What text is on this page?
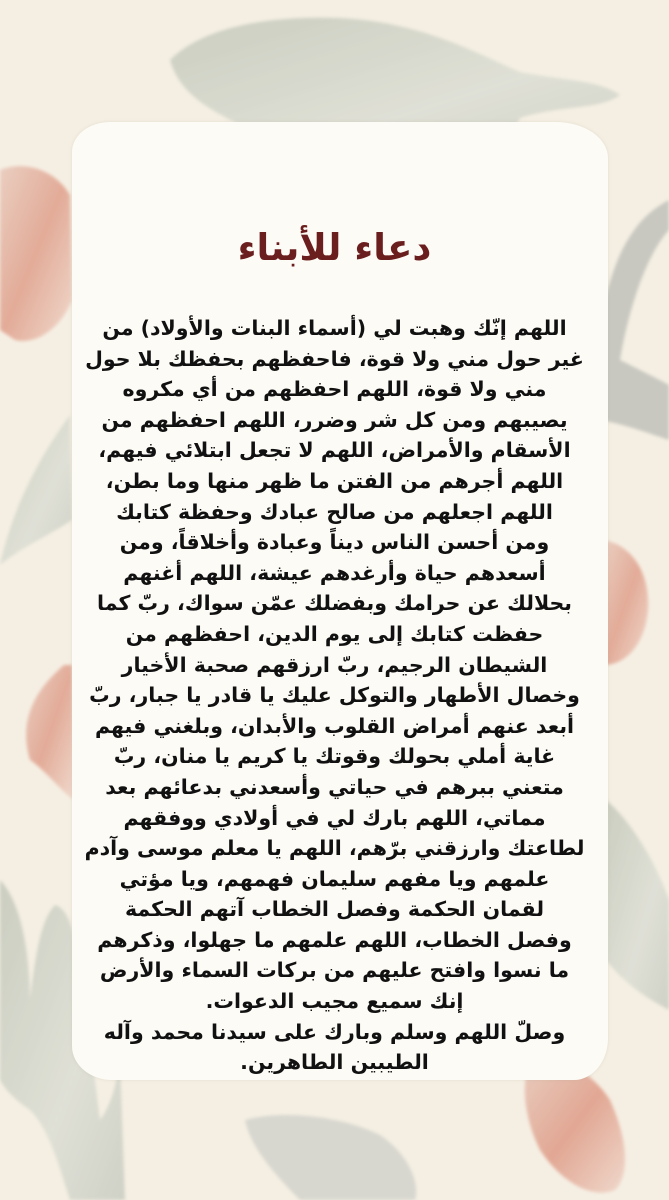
دعاء للأبناء
اللهم إنّك وهبت لي (أسماء البنات والأولاد) من
غير حول مني ولا قوة، فاحفظهم بحفظك بلا حول
مني ولا قوة، اللهم احفظهم من أي مكروه
يصيبهم ومن كل شر وضرر، اللهم احفظهم من
الأسقام والأمراض، اللهم لا تجعل ابتلائي فيهم،
اللهم أجرهم من الفتن ما ظهر منها وما بطن،
اللهم اجعلهم من صالح عبادك وحفظة كتابك
ومن أحسن الناس ديناً وعبادة وأخلاقاً، ومن
أسعدهم حياة وأرغدهم عيشة، اللهم أغنهم
بحلالك عن حرامك وبفضلك عمّن سواك، ربّ كما
حفظت كتابك إلى يوم الدين، احفظهم من
الشيطان الرجيم، ربّ ارزقهم صحبة الأخيار
وخصال الأطهار والتوكل عليك يا قادر يا جبار، ربّ
أبعد عنهم أمراض القلوب والأبدان، وبلغني فيهم
غاية أملي بحولك وقوتك يا كريم يا منان، ربّ
متعني ببرهم في حياتي وأسعدني بدعائهم بعد
مماتي، اللهم بارك لي في أولادي ووفقهم
لطاعتك وارزقني برّهم، اللهم يا معلم موسى وآدم
علمهم ويا مفهم سليمان فهمهم، ويا مؤتي
لقمان الحكمة وفصل الخطاب آتهم الحكمة
وفصل الخطاب، اللهم علمهم ما جهلوا، وذكرهم
ما نسوا وافتح عليهم من بركات السماء والأرض
إنك سميع مجيب الدعوات.
وصلّ اللهم وسلم وبارك على سيدنا محمد وآله
الطيبين الطاهرين.
